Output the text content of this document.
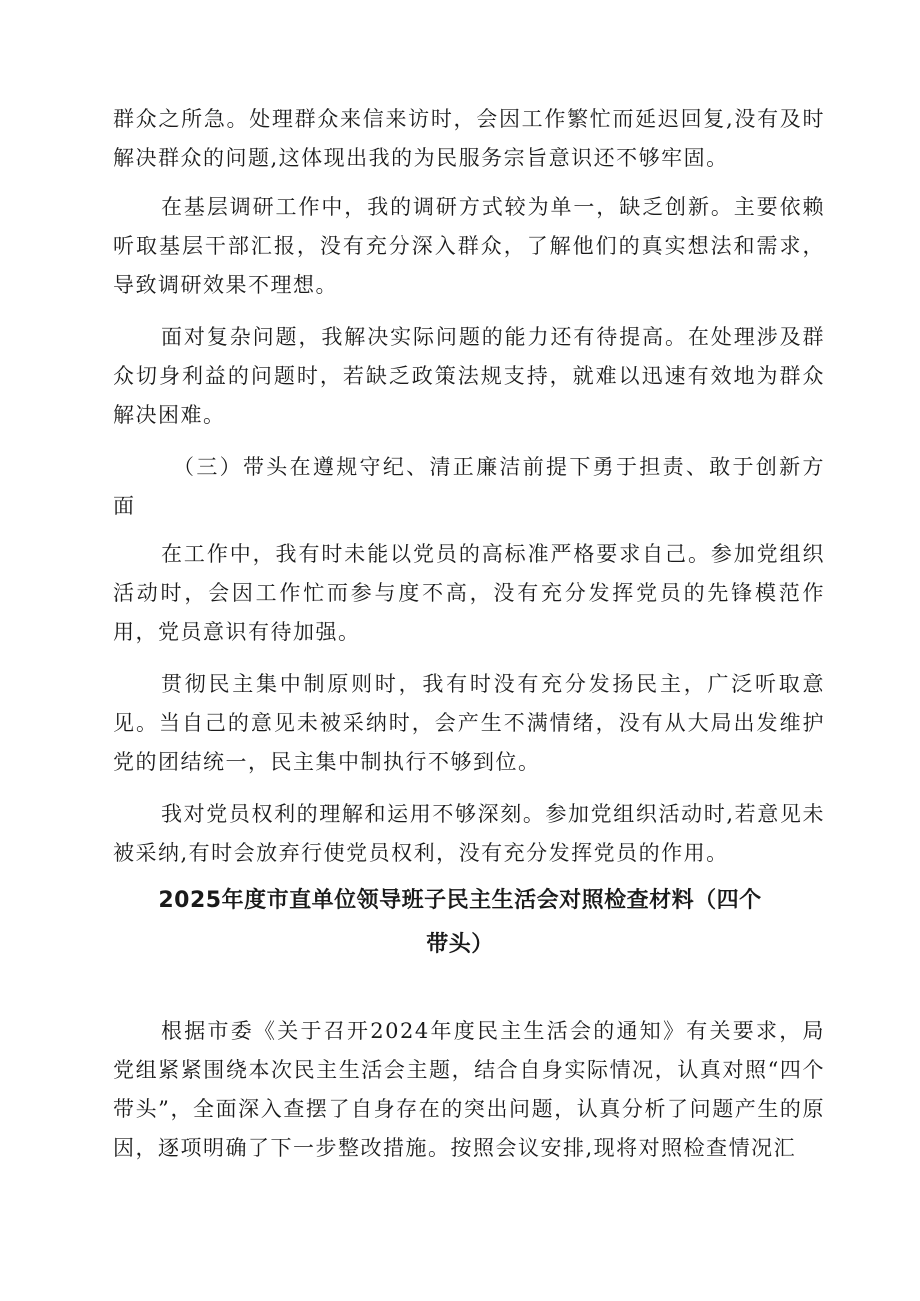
群众之所急。处理群众来信来访时，会因工作繁忙而延迟回复,没有及时解决群众的问题,这体现出我的为民服务宗旨意识还不够牢固。

在基层调研工作中，我的调研方式较为单一，缺乏创新。主要依赖听取基层干部汇报，没有充分深入群众，了解他们的真实想法和需求，导致调研效果不理想。

面对复杂问题，我解决实际问题的能力还有待提高。在处理涉及群众切身利益的问题时，若缺乏政策法规支持，就难以迅速有效地为群众解决困难。

（三）带头在遵规守纪、清正廉洁前提下勇于担责、敢于创新方面

在工作中，我有时未能以党员的高标准严格要求自己。参加党组织活动时，会因工作忙而参与度不高，没有充分发挥党员的先锋模范作用，党员意识有待加强。

贯彻民主集中制原则时，我有时没有充分发扬民主，广泛听取意见。当自己的意见未被采纳时，会产生不满情绪，没有从大局出发维护党的团结统一，民主集中制执行不够到位。

我对党员权利的理解和运用不够深刻。参加党组织活动时,若意见未被采纳,有时会放弃行使党员权利，没有充分发挥党员的作用。

2025年度市直单位领导班子民主生活会对照检查材料（四个

带头）

根据市委《关于召开2024年度民主生活会的通知》有关要求，局党组紧紧围绕本次民主生活会主题，结合自身实际情况，认真对照“四个带头”，全面深入查摆了自身存在的突出问题，认真分析了问题产生的原因，逐项明确了下一步整改措施。按照会议安排,现将对照检查情况汇
